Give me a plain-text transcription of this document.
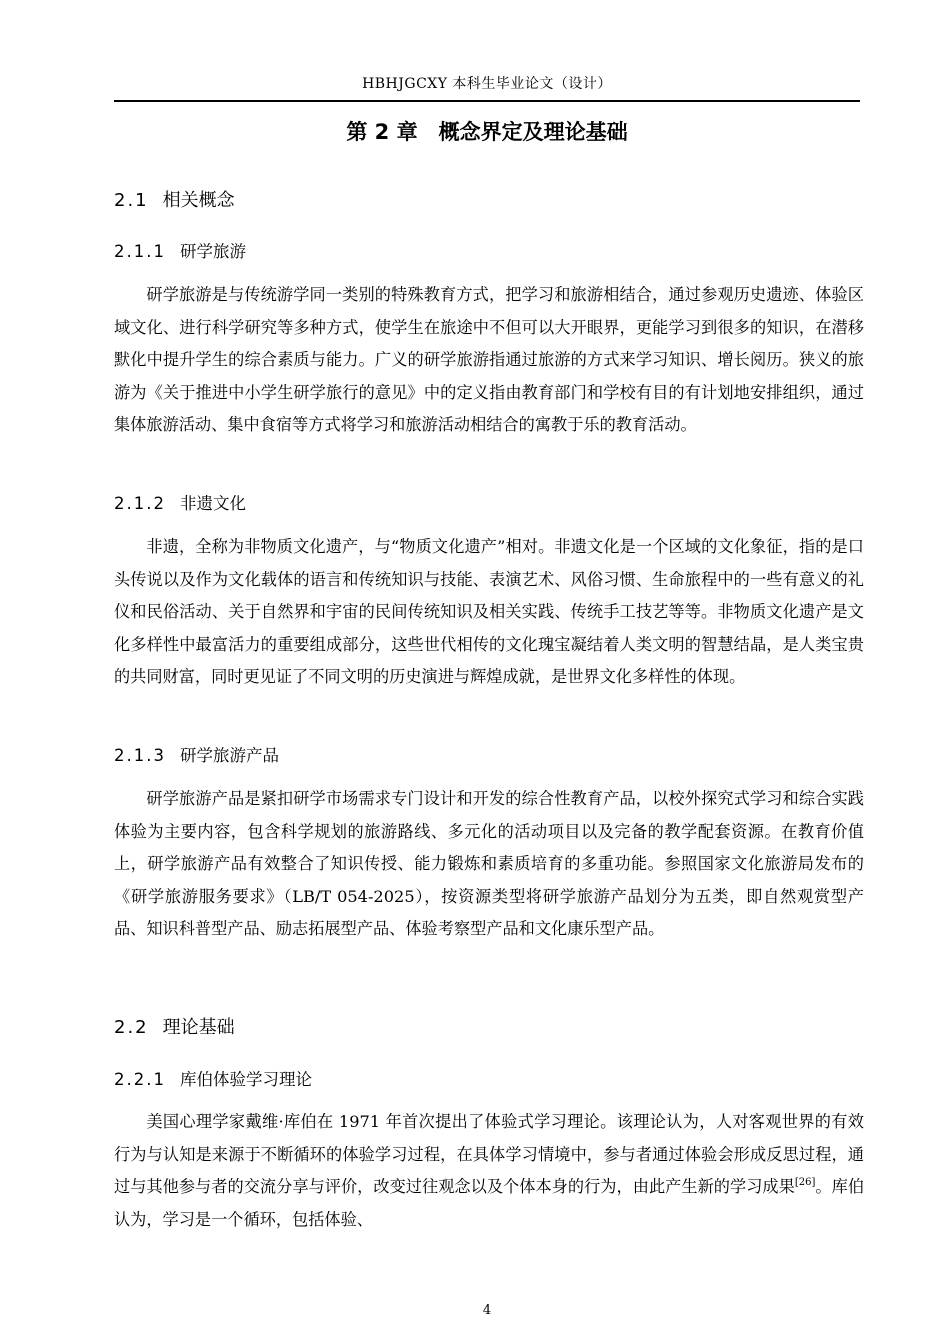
HBHJGCXY 本科生毕业论文（设计）
第 2 章　概念界定及理论基础
2.1 相关概念
2.1.1 研学旅游

研学旅游是与传统游学同一类别的特殊教育方式，把学习和旅游相结合，通过参观历史遗迹、体验区域文化、进行科学研究等多种方式，使学生在旅途中不但可以大开眼界，更能学习到很多的知识，在潜移默化中提升学生的综合素质与能力。广义的研学旅游指通过旅游的方式来学习知识、增长阅历。狭义的旅游为《关于推进中小学生研学旅行的意见》中的定义指由教育部门和学校有目的有计划地安排组织，通过集体旅游活动、集中食宿等方式将学习和旅游活动相结合的寓教于乐的教育活动。

2.1.2 非遗文化

非遗，全称为非物质文化遗产，与“物质文化遗产”相对。非遗文化是一个区域的文化象征，指的是口头传说以及作为文化载体的语言和传统知识与技能、表演艺术、风俗习惯、生命旅程中的一些有意义的礼仪和民俗活动、关于自然界和宇宙的民间传统知识及相关实践、传统手工技艺等等。非物质文化遗产是文化多样性中最富活力的重要组成部分，这些世代相传的文化瑰宝凝结着人类文明的智慧结晶，是人类宝贵的共同财富，同时更见证了不同文明的历史演进与辉煌成就，是世界文化多样性的体现。

2.1.3 研学旅游产品

研学旅游产品是紧扣研学市场需求专门设计和开发的综合性教育产品，以校外探究式学习和综合实践体验为主要内容，包含科学规划的旅游路线、多元化的活动项目以及完备的教学配套资源。在教育价值上，研学旅游产品有效整合了知识传授、能力锻炼和素质培育的多重功能。参照国家文化旅游局发布的《研学旅游服务要求》（LB/T 054-2025），按资源类型将研学旅游产品划分为五类，即自然观赏型产品、知识科普型产品、励志拓展型产品、体验考察型产品和文化康乐型产品。

2.2 理论基础
2.2.1 库伯体验学习理论

美国心理学家戴维·库伯在 1971 年首次提出了体验式学习理论。该理论认为，人对客观世界的有效行为与认知是来源于不断循环的体验学习过程，在具体学习情境中，参与者通过体验会形成反思过程，通过与其他参与者的交流分享与评价，改变过往观念以及个体本身的行为，由此产生新的学习成果[26]。库伯认为，学习是一个循环，包括体验、

4
